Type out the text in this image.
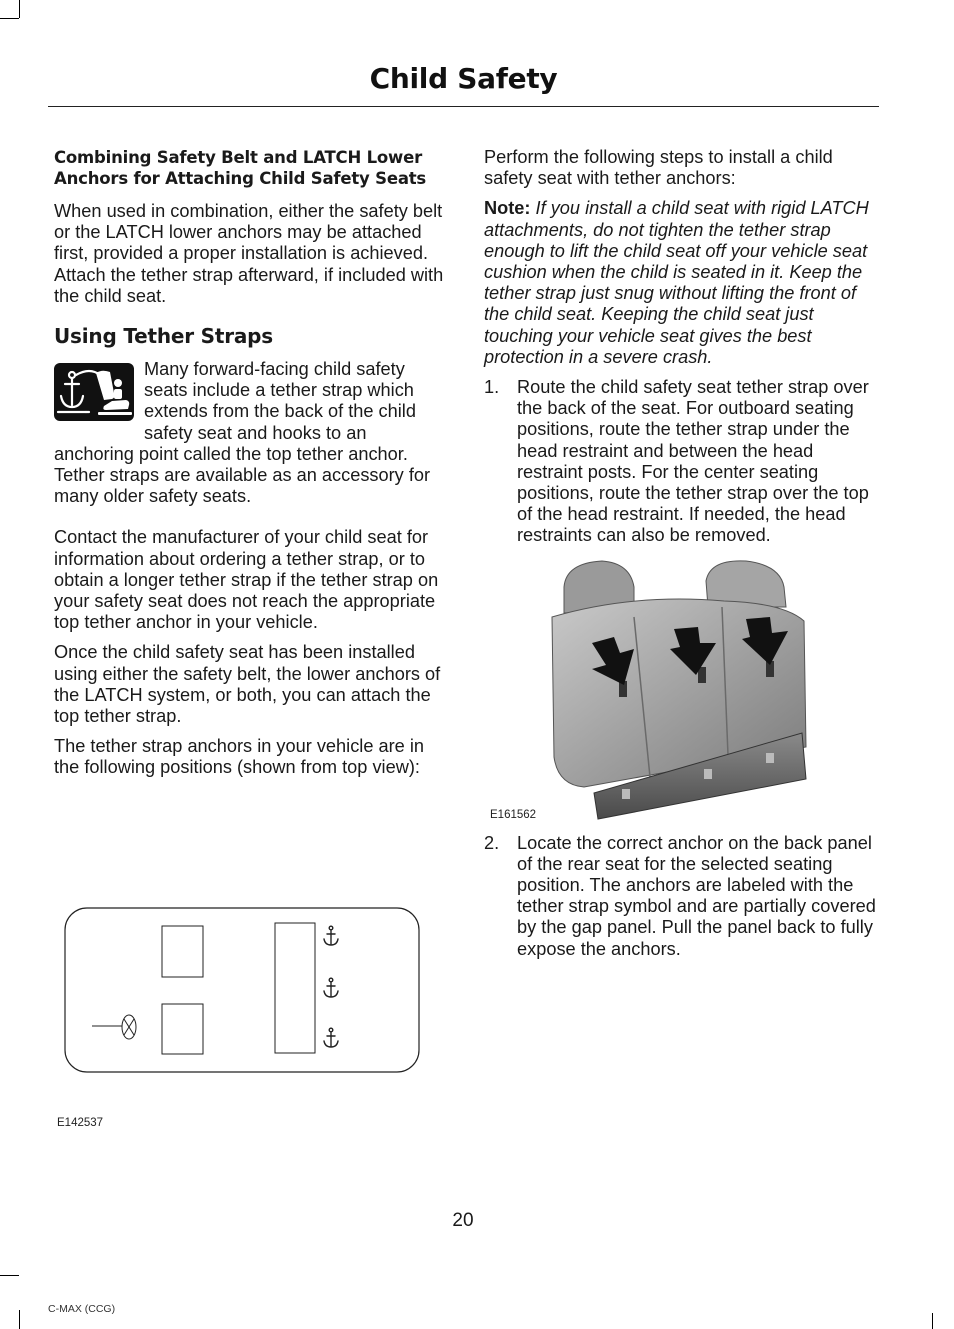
Child Safety
Combining Safety Belt and LATCH Lower Anchors for Attaching Child Safety Seats

When used in combination, either the safety belt or the LATCH lower anchors may be attached first, provided a proper installation is achieved. Attach the tether strap afterward, if included with the child seat.

Using Tether Straps

Many forward-facing child safety seats include a tether strap which extends from the back of the child safety seat and hooks to an anchoring point called the top tether anchor. Tether straps are available as an accessory for many older safety seats.

Contact the manufacturer of your child seat for information about ordering a tether strap, or to obtain a longer tether strap if the tether strap on your safety seat does not reach the appropriate top tether anchor in your vehicle.

Once the child safety seat has been installed using either the safety belt, the lower anchors of the LATCH system, or both, you can attach the top tether strap.

The tether strap anchors in your vehicle are in the following positions (shown from top view):

E142537

Perform the following steps to install a child safety seat with tether anchors:

Note: If you install a child seat with rigid LATCH attachments, do not tighten the tether strap enough to lift the child seat off your vehicle seat cushion when the child is seated in it. Keep the tether strap just snug without lifting the front of the child seat. Keeping the child seat just touching your vehicle seat gives the best protection in a severe crash.

1. Route the child safety seat tether strap over the back of the seat. For outboard seating positions, route the tether strap under the head restraint and between the head restraint posts. For the center seating positions, route the tether strap over the top of the head restraint. If needed, the head restraints can also be removed.
E161562
2. Locate the correct anchor on the back panel of the rear seat for the selected seating position. The anchors are labeled with the tether strap symbol and are partially covered by the gap panel. Pull the panel back to fully expose the anchors.
20
C-MAX (CCG)
